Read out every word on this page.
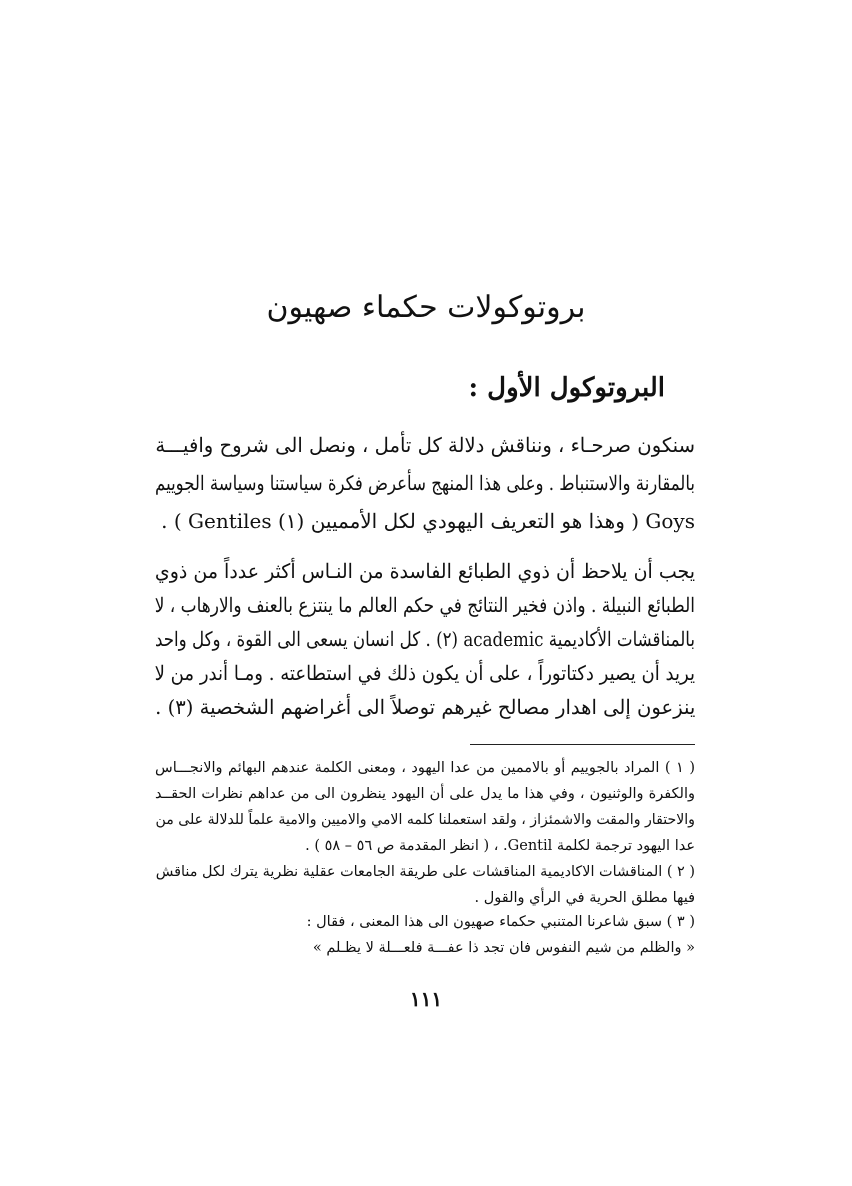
بروتوكولات حكماء صهيون
البروتوكول الأول :
سنكون صرحـاء ، ونناقش دلالة كل تأمل ، ونصل الى شروح وافيـــة
بالمقارنة والاستنباط . وعلى هذا المنهج سأعرض فكرة سياستنا وسياسة الجوييم
Goys ( وهذا هو التعريف اليهودي لكل الأمميين (١) Gentiles ) .
يجب أن يلاحظ أن ذوي الطبائع الفاسدة من النـاس أكثر عدداً من ذوي
الطبائع النبيلة . واذن فخير النتائج في حكم العالم ما ينتزع بالعنف والارهاب ، لا
بالمناقشات الأكاديمية academic (٢) . كل انسان يسعى الى القوة ، وكل واحد
يريد أن يصير دكتاتوراً ، على أن يكون ذلك في استطاعته . ومـا أندر من لا
ينزعون إلى اهدار مصالح غيرهم توصلاً الى أغراضهم الشخصية (٣) .
( ١ ) المراد بالجوييم أو بالاممين من عدا اليهود ، ومعنى الكلمة عندهم البهائم والانجـــاس
والكفرة والوثنيون ، وفي هذا ما يدل على أن اليهود ينظرون الى من عداهم نظرات الحقــد
والاحتقار والمقت والاشمئزاز ، ولقد استعملنا كلمه الامي والاميين والامية علماً للدلالة على من
عدا اليهود ترجمة لكلمة Gentil. ، ( انظر المقدمة ص ٥٦ – ٥٨ ) .
( ٢ ) المناقشات الاكاديمية المناقشات على طريقة الجامعات عقلية نظرية يترك لكل مناقش
فيها مطلق الحرية في الرأي والقول .
( ٣ ) سبق شاعرنا المتنبي حكماء صهيون الى هذا المعنى ، فقال :
« والظلم من شيم النفوس فان تجد ذا عفـــة فلعـــلة لا يظـلم »
١١١
